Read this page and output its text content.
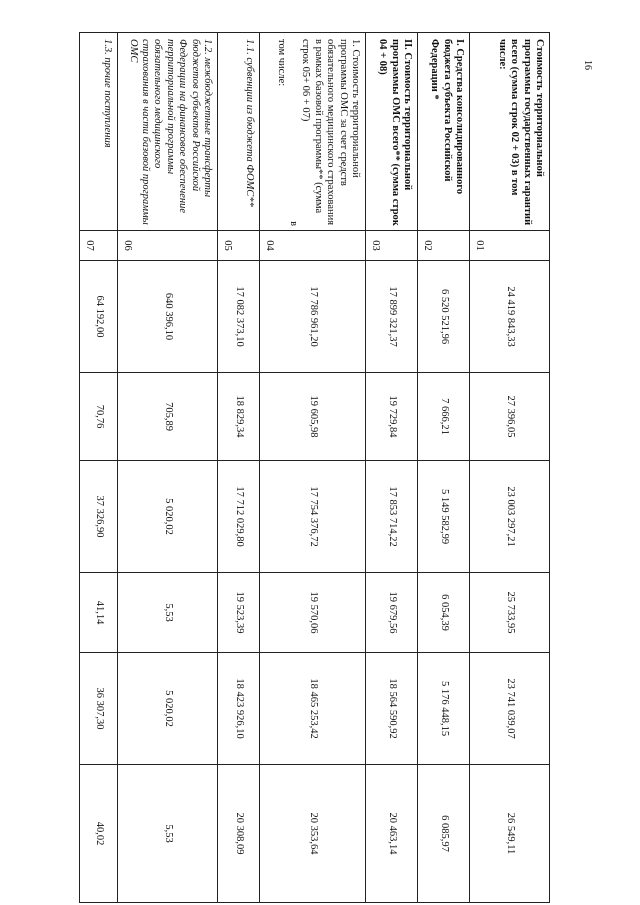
16
Стоимость территориальной программы государственных гарантий всего (сумма строк 02 + 03) в том числе:	01	24 419 843,33	27 396,05	23 003 297,21	25 733,95	23 741 039,07	26 549,11

I. Средства консолидированного бюджета субъекта Российской Федерации *	02	6 520 521,96	7 666,21	5 149 582,99	6 054,39	5 176 448,15	6 085,97

II. Стоимость территориальной программы ОМС всего** (сумма строк 04 + 08)	03	17 899 321,37	19 729,84	17 853 714,22	19 679,56	18 564 590,92	20 463,14

1. Стоимость территориальной программы ОМС за счет средств обязательного медицинского страхования в рамках базовой программы** (сумма строк 05+ 06 + 07)
в
том числе:	04	17 786 961,20	19 605,98	17 754 376,72	19 570,06	18 465 253,42	20 353,64

1.1. субвенции из бюджета ФОМС**	05	17 082 373,10	18 829,34	17 712 029,80	19 523,39	18 423 926,10	20 308,09

1.2. межбюджетные трансферты бюджетов субъектов Российской Федерации на финансовое обеспечение территориальной программы обязательного медицинского страхования в части базовой программы ОМС	06	640 396,10	705,89	5 020,02	5,53	5 020,02	5,53

1.3. прочие поступления	07	64 192,00	70,76	37 326,90	41,14	36 307,30	40,02
